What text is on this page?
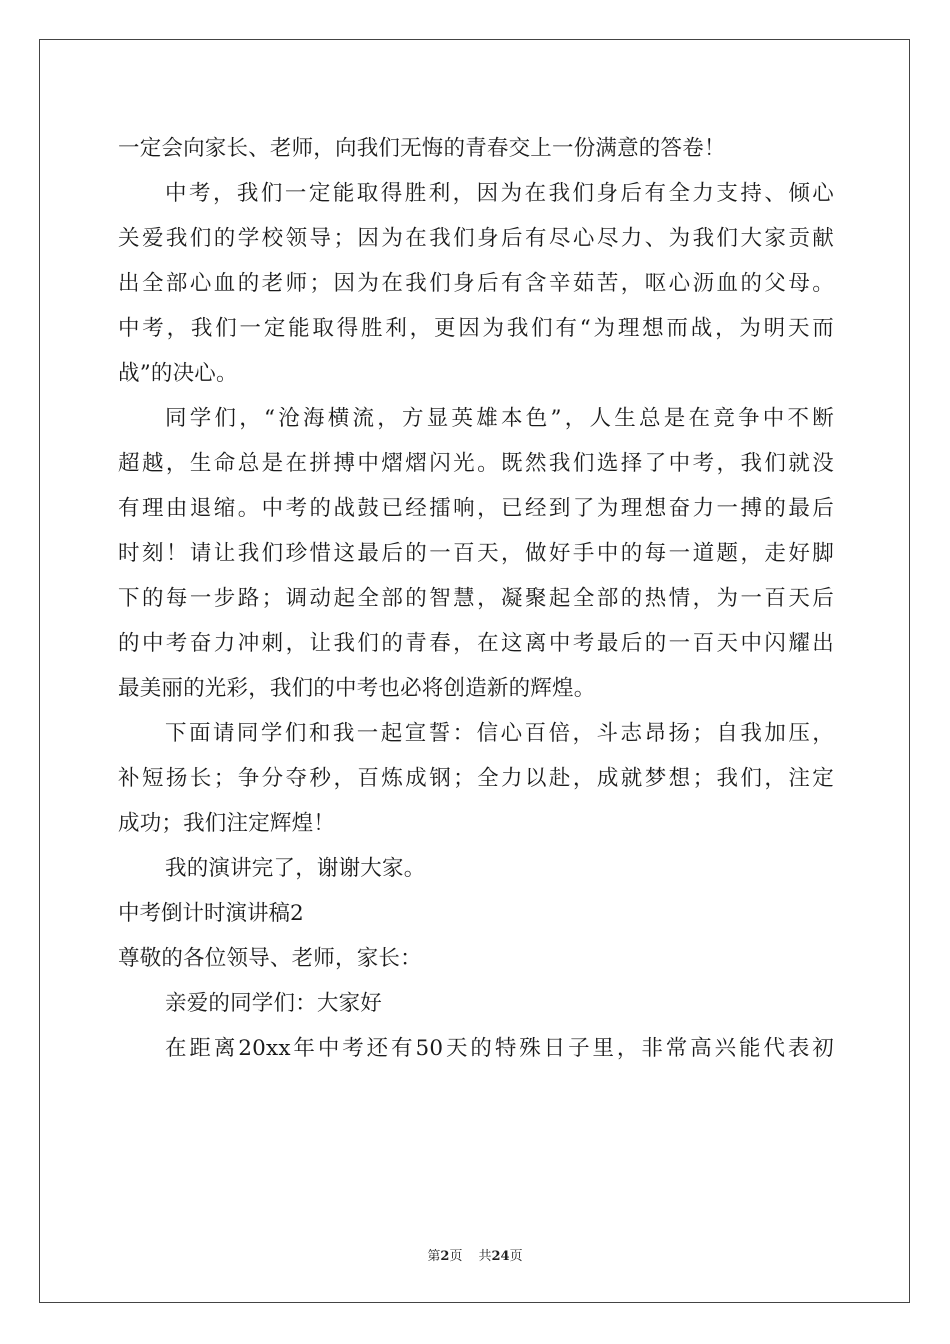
一定会向家长、老师，向我们无悔的青春交上一份满意的答卷！
中考，我们一定能取得胜利，因为在我们身后有全力支持、倾心
关爱我们的学校领导；因为在我们身后有尽心尽力、为我们大家贡献
出全部心血的老师；因为在我们身后有含辛茹苦，呕心沥血的父母。
中考，我们一定能取得胜利，更因为我们有“为理想而战，为明天而
战”的决心。
同学们，“沧海横流，方显英雄本色”，人生总是在竞争中不断
超越，生命总是在拼搏中熠熠闪光。既然我们选择了中考，我们就没
有理由退缩。中考的战鼓已经擂响，已经到了为理想奋力一搏的最后
时刻！请让我们珍惜这最后的一百天，做好手中的每一道题，走好脚
下的每一步路；调动起全部的智慧，凝聚起全部的热情，为一百天后
的中考奋力冲刺，让我们的青春，在这离中考最后的一百天中闪耀出
最美丽的光彩，我们的中考也必将创造新的辉煌。
下面请同学们和我一起宣誓：信心百倍，斗志昂扬；自我加压，
补短扬长；争分夺秒，百炼成钢；全力以赴，成就梦想；我们，注定
成功；我们注定辉煌！
我的演讲完了，谢谢大家。
中考倒计时演讲稿2
尊敬的各位领导、老师，家长：
亲爱的同学们：大家好
在距离20xx年中考还有50天的特殊日子里，非常高兴能代表初
第2页 共24页
